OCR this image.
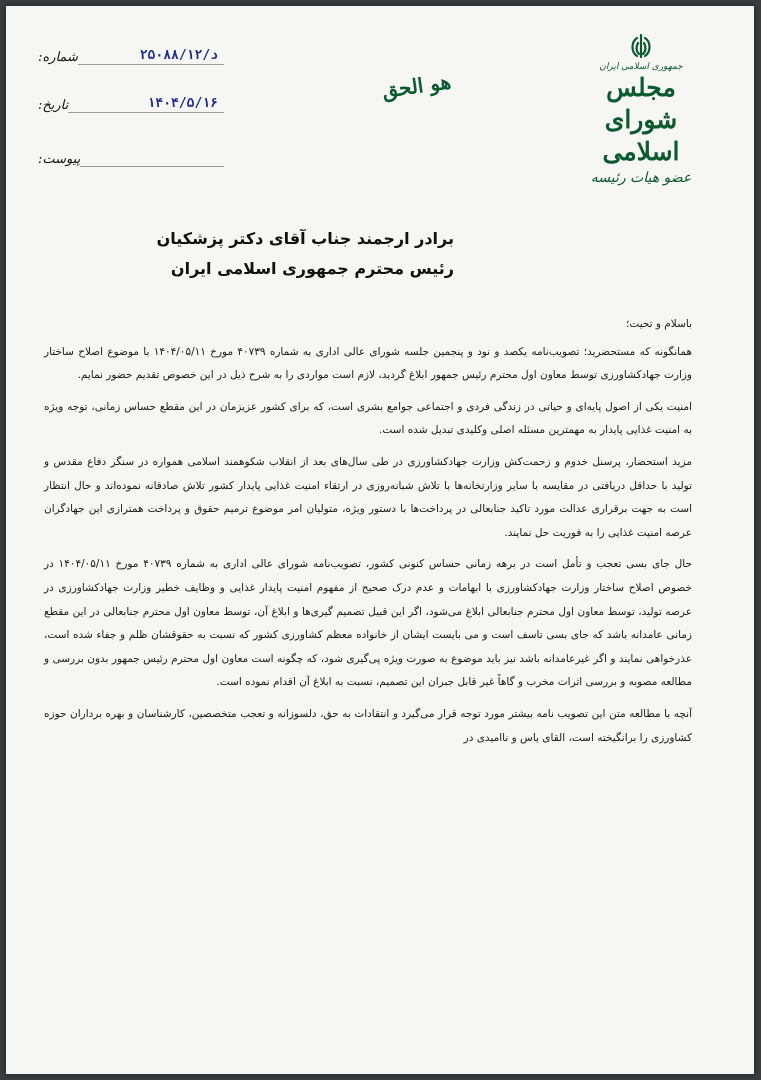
شماره:	۲۵۰۸۸/۱۲/د
تاریخ:	۱۴۰۴/۵/۱۶
پیوست:
هو الحق
جمهوری اسلامی ایران
مجلس شورای اسلامی
عضو هیات رئیسه
برادر ارجمند جناب آقای دکتر پزشکیان
رئیس محترم جمهوری اسلامی ایران

باسلام و تحیت؛

همانگونه که مستحضرید؛ تصویب‌نامه یکصد و نود و پنجمین جلسه شورای عالی اداری به شماره ۴۰۷۳۹ مورخ ۱۴۰۴/۰۵/۱۱ با موضوع اصلاح ساختار وزارت جهادکشاورزی توسط معاون اول محترم رئیس جمهور ابلاغ گردید، لازم است مواردی را به شرح ذیل در این خصوص تقدیم حضور نمایم.

امنیت یکی از اصول پایه‌ای و حیاتی در زندگی فردی و اجتماعی جوامع بشری است، که برای کشور عزیزمان در این مقطع حساس زمانی، توجه ویژه به امنیت غذایی پایدار به مهمترین مسئله اصلی وکلیدی تبدیل شده است.

مزید استحضار، پرسنل خدوم و زحمت‌کش وزارت جهادکشاورزی در طی سال‌های بعد از انقلاب شکوهمند اسلامی همواره در سنگر دفاع مقدس و تولید با حداقل دریافتی در مقایسه با سایر وزارتخانه‌ها با تلاش شبانه‌روزی در ارتقاء امنیت غذایی پایدار کشور تلاش صادقانه نموده‌اند و حال انتظار است به جهت برقراری عدالت مورد تاکید جنابعالی در پرداخت‌ها با دستور ویژه، متولیان امر موضوع ترمیم حقوق و پرداخت همترازی این جهادگران عرصه امنیت غذایی را به فوریت حل نمایند.

حال جای بسی تعجب و تأمل است در برهه زمانی حساس کنونی کشور، تصویب‌نامه شورای عالی اداری به شماره ۴۰۷۳۹ مورخ ۱۴۰۴/۰۵/۱۱ در خصوص اصلاح ساختار وزارت جهادکشاورزی با ابهامات و عدم درک صحیح از مفهوم امنیت پایدار غذایی و وظایف خطیر وزارت جهادکشاورزی در عرصه تولید، توسط معاون اول محترم جنابعالی ابلاغ می‌شود، اگر این قبیل تصمیم گیری‌ها و ابلاغ آن، توسط معاون اول محترم جنابعالی در این مقطع زمانی عامدانه باشد که جای بسی تاسف است و می بایست ایشان از خانواده معظم کشاورزی کشور که نسبت به حقوقشان ظلم و جفاء شده است، عذرخواهی نمایند و اگر غیرعامدانه باشد نیز باید موضوع به صورت ویژه پی‌گیری شود، که چگونه است معاون اول محترم رئیس جمهور بدون بررسی و مطالعه مصوبه و بررسی اثرات مخرب و گاهاً غیر قابل جبران این تصمیم، نسبت به ابلاغ آن اقدام نموده است.

آنچه با مطالعه متن این تصویب نامه بیشتر مورد توجه قرار می‌گیرد و انتقادات به حق، دلسوزانه و تعجب متخصصین، کارشناسان و بهره برداران حوزه کشاورزی را برانگیخته است، القای یاس و ناامیدی در
